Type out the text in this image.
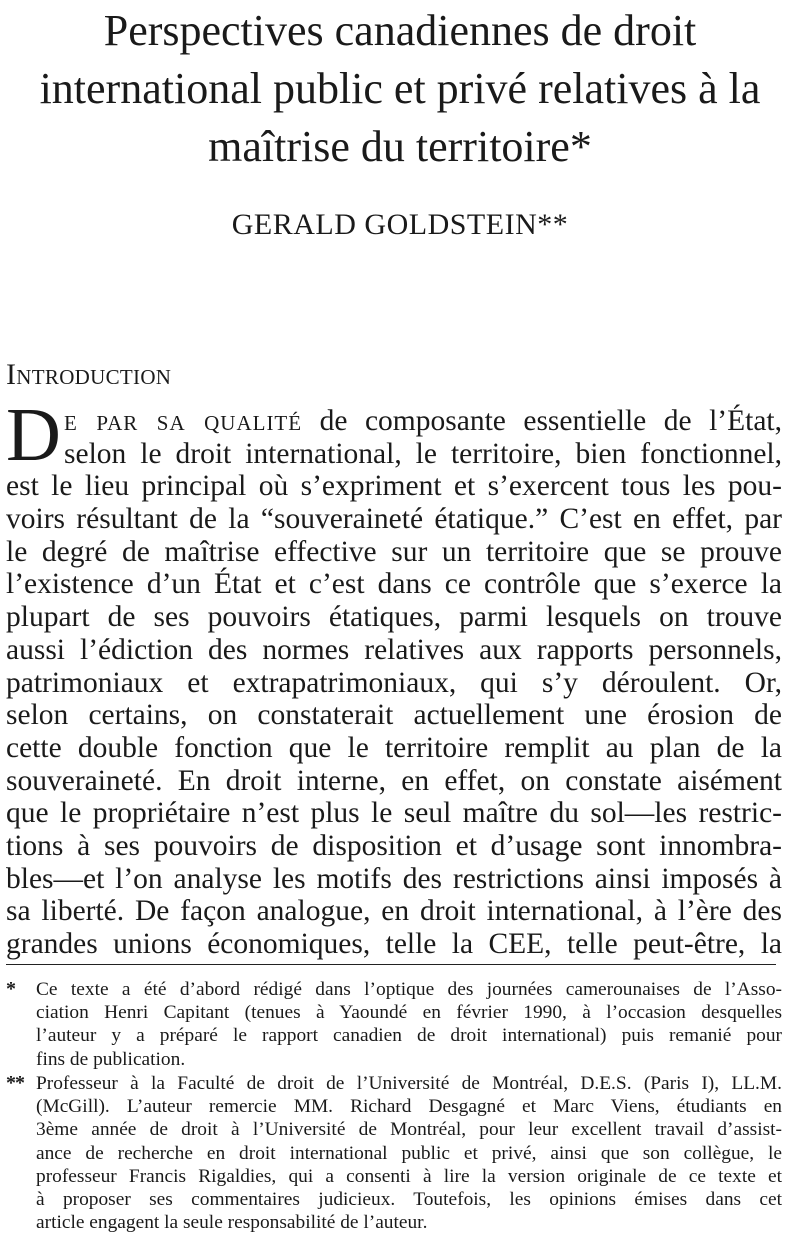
Perspectives canadiennes de droit
international public et privé relatives à la
maîtrise du territoire*
GERALD GOLDSTEIN**
Introduction
D e par sa qualité de composante essentielle de l’État,
selon le droit international, le territoire, bien fonctionnel,
est le lieu principal où s’expriment et s’exercent tous les pou-
voirs résultant de la “souveraineté étatique.” C’est en effet, par
le degré de maîtrise effective sur un territoire que se prouve
l’existence d’un État et c’est dans ce contrôle que s’exerce la
plupart de ses pouvoirs étatiques, parmi lesquels on trouve
aussi l’édiction des normes relatives aux rapports personnels,
patrimoniaux et extrapatrimoniaux, qui s’y déroulent. Or,
selon certains, on constaterait actuellement une érosion de
cette double fonction que le territoire remplit au plan de la
souveraineté. En droit interne, en effet, on constate aisément
que le propriétaire n’est plus le seul maître du sol—les restric-
tions à ses pouvoirs de disposition et d’usage sont innombra-
bles—et l’on analyse les motifs des restrictions ainsi imposés à
sa liberté. De façon analogue, en droit international, à l’ère des
grandes unions économiques, telle la CEE, telle peut-être, la
* Ce texte a été d’abord rédigé dans l’optique des journées camerounaises de l’Asso-
ciation Henri Capitant (tenues à Yaoundé en février 1990, à l’occasion desquelles
l’auteur y a préparé le rapport canadien de droit international) puis remanié pour
fins de publication.
** Professeur à la Faculté de droit de l’Université de Montréal, D.E.S. (Paris I), LL.M.
(McGill). L’auteur remercie MM. Richard Desgagné et Marc Viens, étudiants en
3ème année de droit à l’Université de Montréal, pour leur excellent travail d’assist-
ance de recherche en droit international public et privé, ainsi que son collègue, le
professeur Francis Rigaldies, qui a consenti à lire la version originale de ce texte et
à proposer ses commentaires judicieux. Toutefois, les opinions émises dans cet
article engagent la seule responsabilité de l’auteur.
